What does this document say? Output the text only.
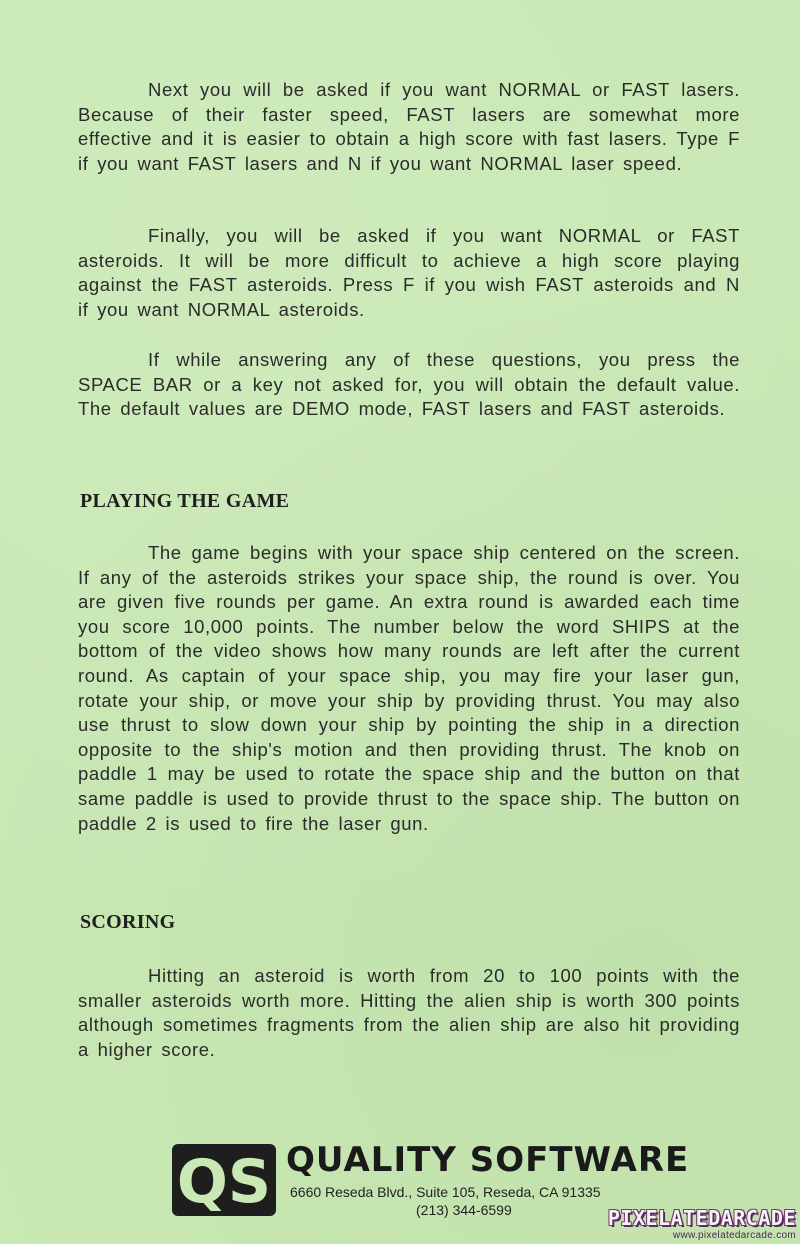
Next you will be asked if you want NORMAL or FAST lasers. Because of their faster speed, FAST lasers are somewhat more effective and it is easier to obtain a high score with fast lasers. Type F if you want FAST lasers and N if you want NORMAL laser speed.

Finally, you will be asked if you want NORMAL or FAST asteroids. It will be more difficult to achieve a high score playing against the FAST asteroids. Press F if you wish FAST asteroids and N if you want NORMAL asteroids.

If while answering any of these questions, you press the SPACE BAR or a key not asked for, you will obtain the default value. The default values are DEMO mode, FAST lasers and FAST asteroids.

PLAYING THE GAME

The game begins with your space ship centered on the screen. If any of the asteroids strikes your space ship, the round is over. You are given five rounds per game. An extra round is awarded each time you score 10,000 points. The number below the word SHIPS at the bottom of the video shows how many rounds are left after the current round. As captain of your space ship, you may fire your laser gun, rotate your ship, or move your ship by providing thrust. You may also use thrust to slow down your ship by pointing the ship in a direction opposite to the ship's motion and then providing thrust. The knob on paddle 1 may be used to rotate the space ship and the button on that same paddle is used to provide thrust to the space ship. The button on paddle 2 is used to fire the laser gun.

SCORING

Hitting an asteroid is worth from 20 to 100 points with the smaller asteroids worth more. Hitting the alien ship is worth 300 points although sometimes fragments from the alien ship are also hit providing a higher score.

QS QUALITY SOFTWARE

6660 Reseda Blvd., Suite 105, Reseda, CA 91335

(213) 344-6599	PIXELATEDARCADE
www.pixelatedarcade.com
